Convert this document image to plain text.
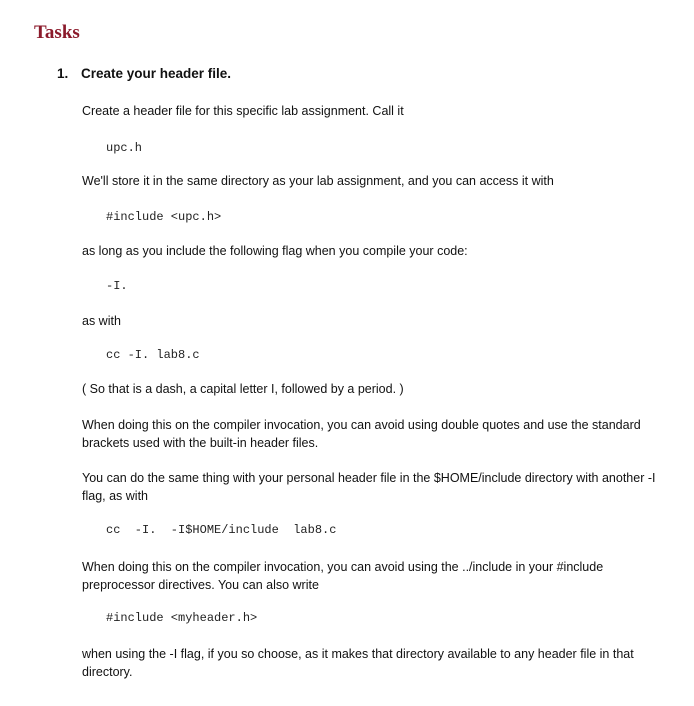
Tasks
1. Create your header file.

Create a header file for this specific lab assignment. Call it

upc.h

We'll store it in the same directory as your lab assignment, and you can access it with

#include <upc.h>

as long as you include the following flag when you compile your code:

-I.

as with

cc -I. lab8.c

( So that is a dash, a capital letter I, followed by a period. )

When doing this on the compiler invocation, you can avoid using double quotes and use the standard brackets used with the built-in header files.

You can do the same thing with your personal header file in the $HOME/include directory with another -I flag, as with

cc  -I.  -I$HOME/include  lab8.c

When doing this on the compiler invocation, you can avoid using the ../include in your #include preprocessor directives. You can also write

#include <myheader.h>

when using the -I flag, if you so choose, as it makes that directory available to any header file in that directory.
